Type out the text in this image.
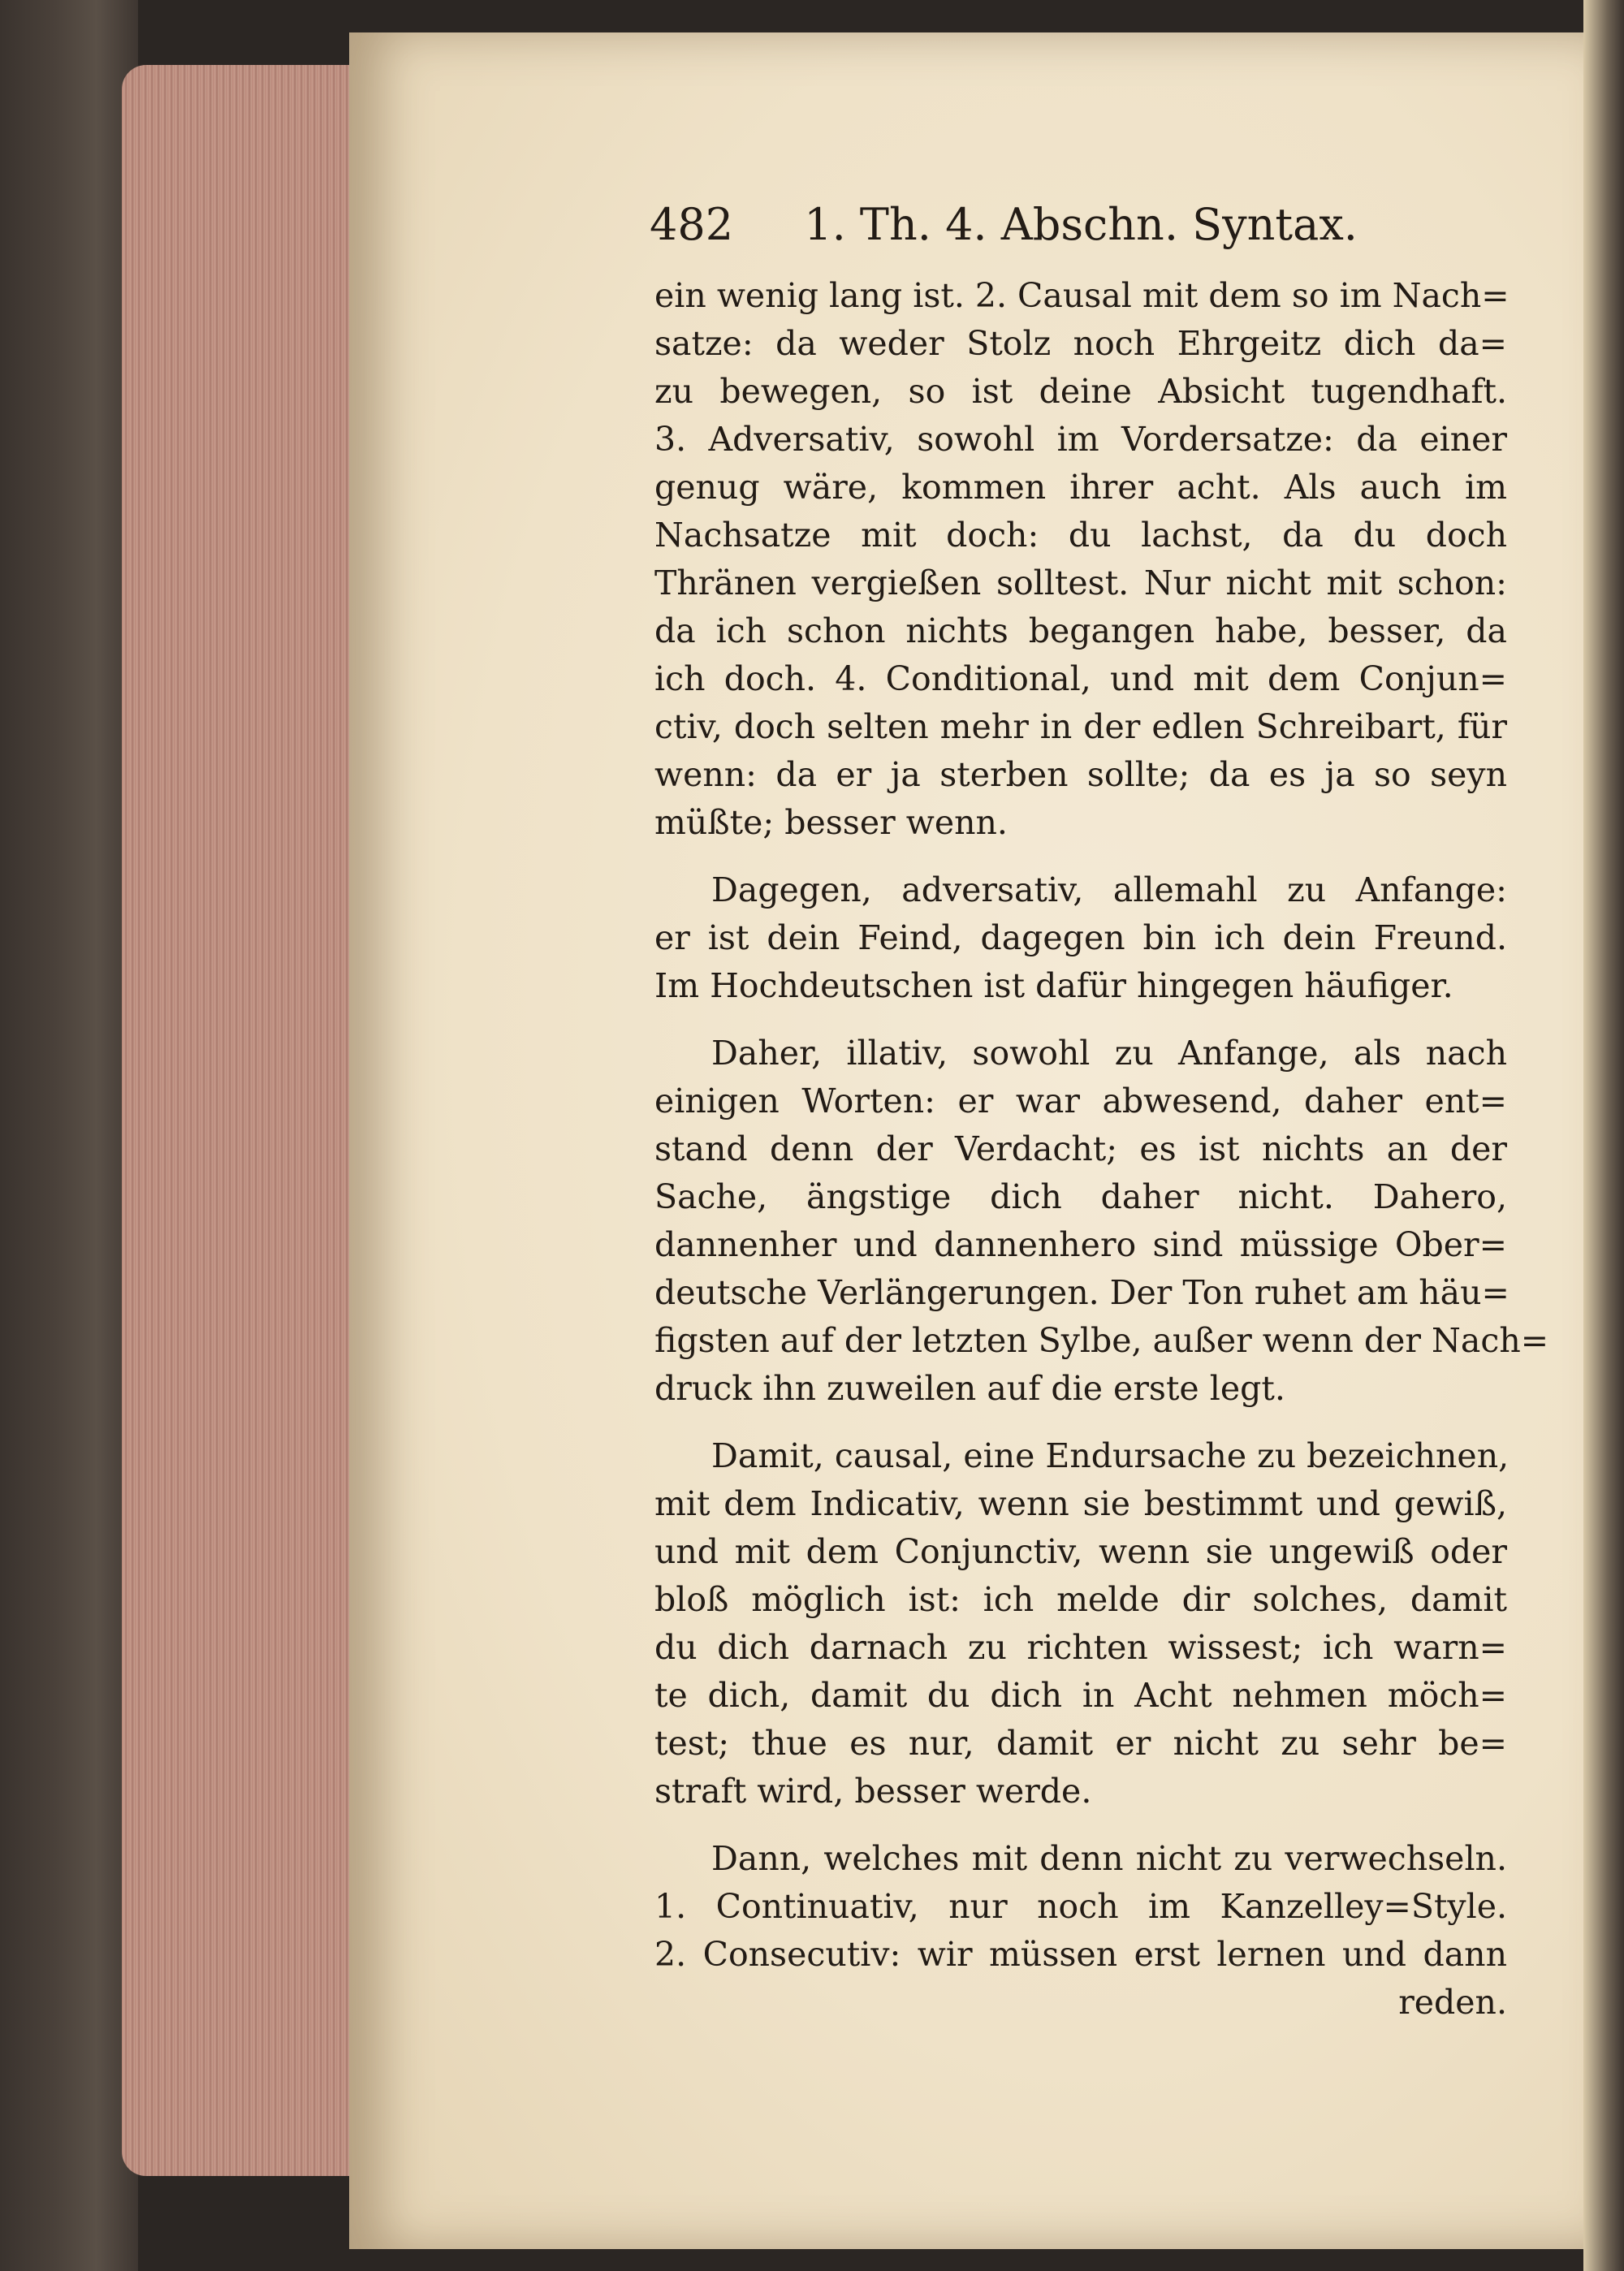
482 1. Th. 4. Abschn. Syntax.
ein wenig lang ist. 2. Causal mit dem so im Nach=
satze: da weder Stolz noch Ehrgeitz dich da=
zu bewegen, so ist deine Absicht tugendhaft.
3. Adversativ, sowohl im Vordersatze: da einer
genug wäre, kommen ihrer acht. Als auch im
Nachsatze mit doch: du lachst, da du doch
Thränen vergießen solltest. Nur nicht mit schon:
da ich schon nichts begangen habe, besser, da
ich doch. 4. Conditional, und mit dem Conjun=
ctiv, doch selten mehr in der edlen Schreibart, für
wenn: da er ja sterben sollte; da es ja so seyn
müßte; besser wenn.
Dagegen, adversativ, allemahl zu Anfange:
er ist dein Feind, dagegen bin ich dein Freund.
Im Hochdeutschen ist dafür hingegen häufiger.
Daher, illativ, sowohl zu Anfange, als nach
einigen Worten: er war abwesend, daher ent=
stand denn der Verdacht; es ist nichts an der
Sache, ängstige dich daher nicht. Dahero,
dannenher und dannenhero sind müssige Ober=
deutsche Verlängerungen. Der Ton ruhet am häu=
figsten auf der letzten Sylbe, außer wenn der Nach=
druck ihn zuweilen auf die erste legt.
Damit, causal, eine Endursache zu bezeichnen,
mit dem Indicativ, wenn sie bestimmt und gewiß,
und mit dem Conjunctiv, wenn sie ungewiß oder
bloß möglich ist: ich melde dir solches, damit
du dich darnach zu richten wissest; ich warn=
te dich, damit du dich in Acht nehmen möch=
test; thue es nur, damit er nicht zu sehr be=
straft wird, besser werde.
Dann, welches mit denn nicht zu verwechseln.
1. Continuativ, nur noch im Kanzelley=Style.
2. Consecutiv: wir müssen erst lernen und dann
reden.
